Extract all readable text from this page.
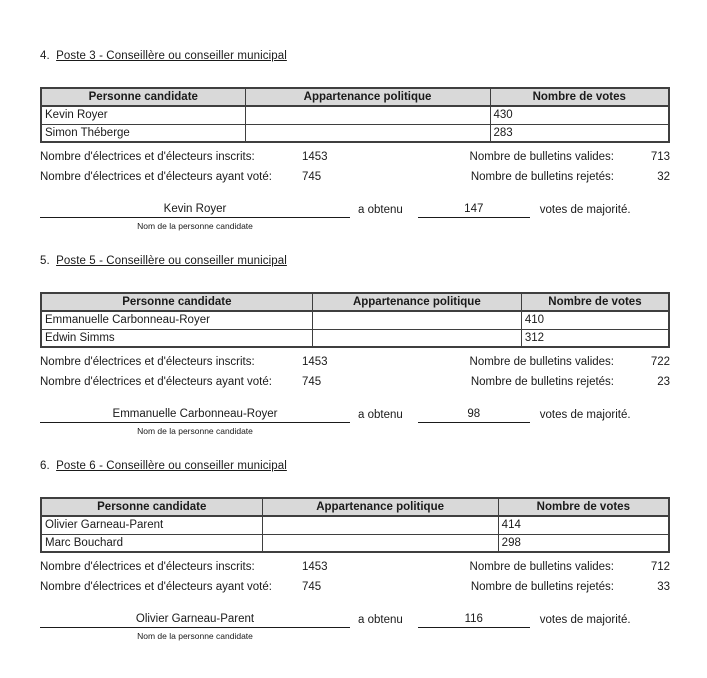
4. Poste 3 - Conseillère ou conseiller municipal
Personne candidate	Appartenance politique	Nombre de votes
Kevin Royer		430
Simon Théberge		283
Nombre d'électrices et d'électeurs inscrits:	1453	Nombre de bulletins valides:	713
Nombre d'électrices et d'électeurs ayant voté:	745	Nombre de bulletins rejetés:	32
Kevin Royer	a obtenu	147	votes de majorité.
Nom de la personne candidate
5. Poste 5 - Conseillère ou conseiller municipal
Personne candidate	Appartenance politique	Nombre de votes
Emmanuelle Carbonneau-Royer		410
Edwin Simms		312
Nombre d'électrices et d'électeurs inscrits:	1453	Nombre de bulletins valides:	722
Nombre d'électrices et d'électeurs ayant voté:	745	Nombre de bulletins rejetés:	23
Emmanuelle Carbonneau-Royer	a obtenu	98	votes de majorité.
Nom de la personne candidate
6. Poste 6 - Conseillère ou conseiller municipal
Personne candidate	Appartenance politique	Nombre de votes
Olivier Garneau-Parent		414
Marc Bouchard		298
Nombre d'électrices et d'électeurs inscrits:	1453	Nombre de bulletins valides:	712
Nombre d'électrices et d'électeurs ayant voté:	745	Nombre de bulletins rejetés:	33
Olivier Garneau-Parent	a obtenu	116	votes de majorité.
Nom de la personne candidate
